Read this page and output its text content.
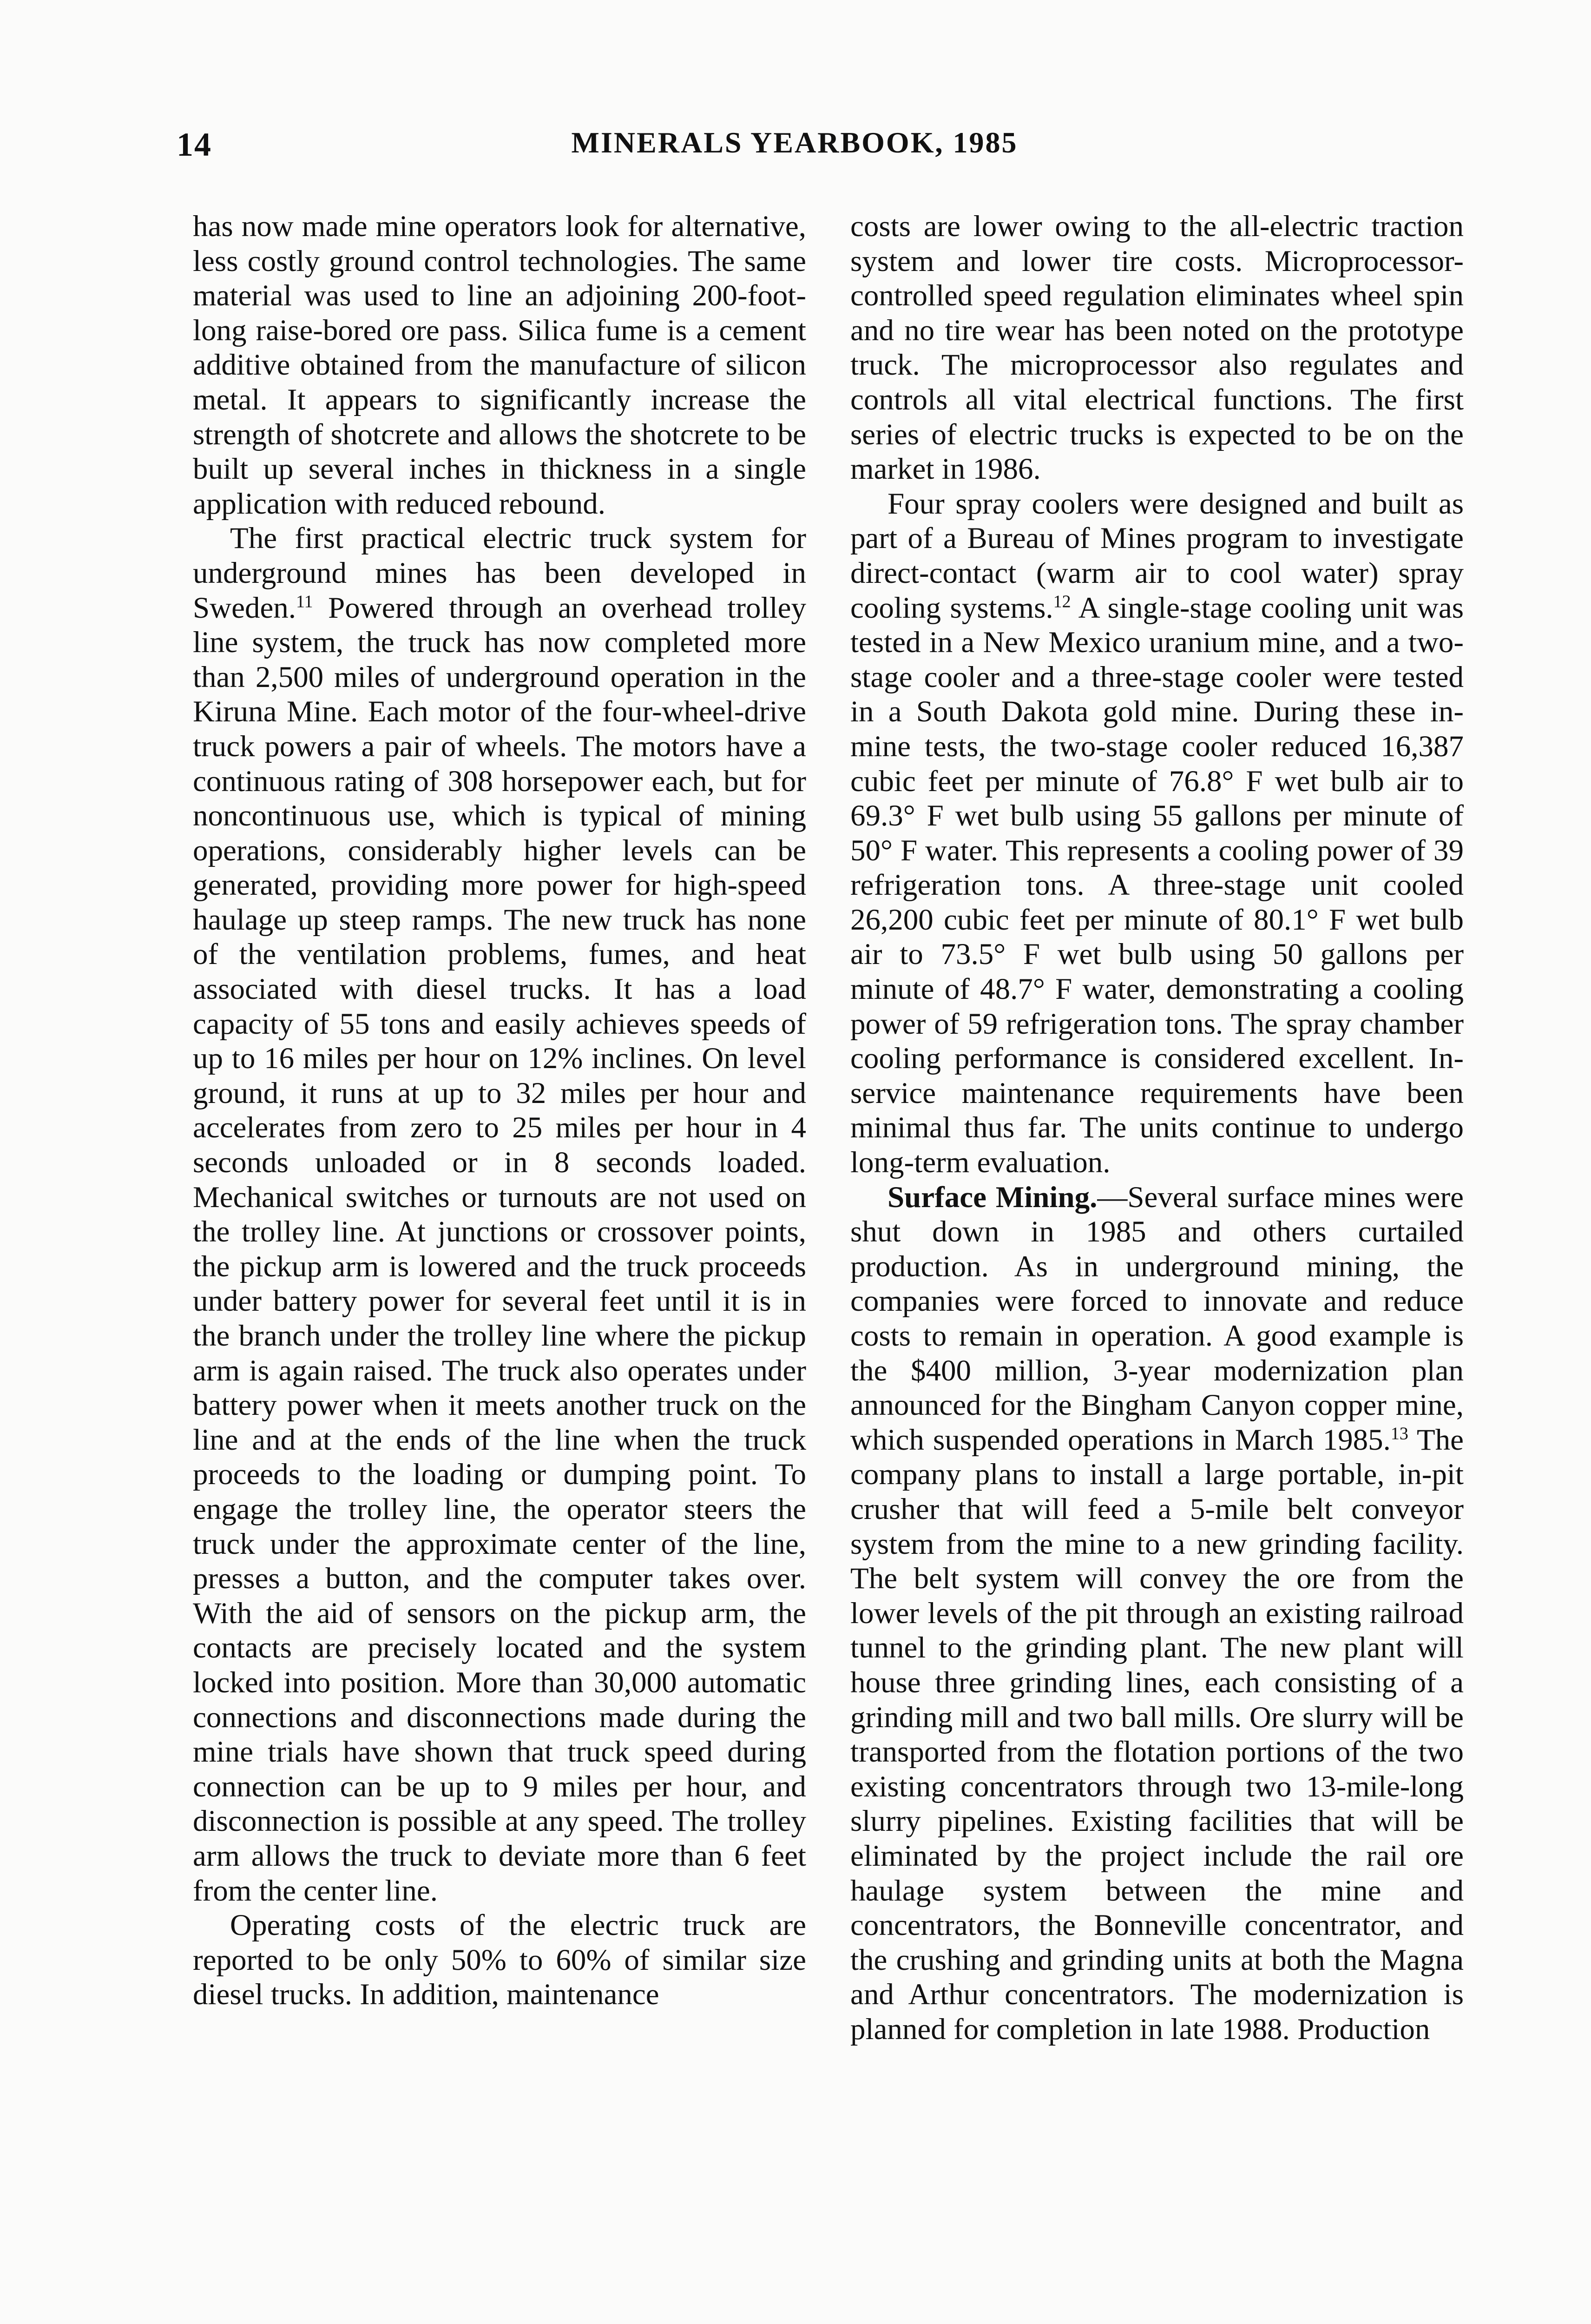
14	MINERALS YEARBOOK, 1985

has now made mine operators look for alternative, less costly ground control technologies. The same material was used to line an adjoining 200-foot-long raise-bored ore pass. Silica fume is a cement additive obtained from the manufacture of silicon metal. It appears to significantly increase the strength of shotcrete and allows the shotcrete to be built up several inches in thickness in a single application with reduced rebound.

The first practical electric truck system for underground mines has been developed in Sweden.$^{11}$ Powered through an overhead trolley line system, the truck has now completed more than 2,500 miles of underground operation in the Kiruna Mine. Each motor of the four-wheel-drive truck powers a pair of wheels. The motors have a continuous rating of 308 horsepower each, but for noncontinuous use, which is typical of mining operations, considerably higher levels can be generated, providing more power for high-speed haulage up steep ramps. The new truck has none of the ventilation problems, fumes, and heat associated with diesel trucks. It has a load capacity of 55 tons and easily achieves speeds of up to 16 miles per hour on 12% inclines. On level ground, it runs at up to 32 miles per hour and accelerates from zero to 25 miles per hour in 4 seconds unloaded or in 8 seconds loaded. Mechanical switches or turnouts are not used on the trolley line. At junctions or crossover points, the pickup arm is lowered and the truck proceeds under battery power for several feet until it is in the branch under the trolley line where the pickup arm is again raised. The truck also operates under battery power when it meets another truck on the line and at the ends of the line when the truck proceeds to the loading or dumping point. To engage the trolley line, the operator steers the truck under the approximate center of the line, presses a button, and the computer takes over. With the aid of sensors on the pickup arm, the contacts are precisely located and the system locked into position. More than 30,000 automatic connections and disconnections made during the mine trials have shown that truck speed during connection can be up to 9 miles per hour, and disconnection is possible at any speed. The trolley arm allows the truck to deviate more than 6 feet from the center line.

Operating costs of the electric truck are reported to be only 50% to 60% of similar size diesel trucks. In addition, maintenance

costs are lower owing to the all-electric traction system and lower tire costs. Microprocessor-controlled speed regulation eliminates wheel spin and no tire wear has been noted on the prototype truck. The microprocessor also regulates and controls all vital electrical functions. The first series of electric trucks is expected to be on the market in 1986.

Four spray coolers were designed and built as part of a Bureau of Mines program to investigate direct-contact (warm air to cool water) spray cooling systems.$^{12}$ A single-stage cooling unit was tested in a New Mexico uranium mine, and a two-stage cooler and a three-stage cooler were tested in a South Dakota gold mine. During these in-mine tests, the two-stage cooler reduced 16,387 cubic feet per minute of 76.8° F wet bulb air to 69.3° F wet bulb using 55 gallons per minute of 50° F water. This represents a cooling power of 39 refrigeration tons. A three-stage unit cooled 26,200 cubic feet per minute of 80.1° F wet bulb air to 73.5° F wet bulb using 50 gallons per minute of 48.7° F water, demonstrating a cooling power of 59 refrigeration tons. The spray chamber cooling performance is considered excellent. In-service maintenance requirements have been minimal thus far. The units continue to undergo long-term evaluation.

Surface Mining.—Several surface mines were shut down in 1985 and others curtailed production. As in underground mining, the companies were forced to innovate and reduce costs to remain in operation. A good example is the $400 million, 3-year modernization plan announced for the Bingham Canyon copper mine, which suspended operations in March 1985.13 The company plans to install a large portable, in-pit crusher that will feed a 5-mile belt conveyor system from the mine to a new grinding facility. The belt system will convey the ore from the lower levels of the pit through an existing railroad tunnel to the grinding plant. The new plant will house three grinding lines, each consisting of a grinding mill and two ball mills. Ore slurry will be transported from the flotation portions of the two existing concentrators through two 13-mile-long slurry pipelines. Existing facilities that will be eliminated by the project include the rail ore haulage system between the mine and concentrators, the Bonneville concentrator, and the crushing and grinding units at both the Magna and Arthur concentrators. The modernization is planned for completion in late 1988. Production
